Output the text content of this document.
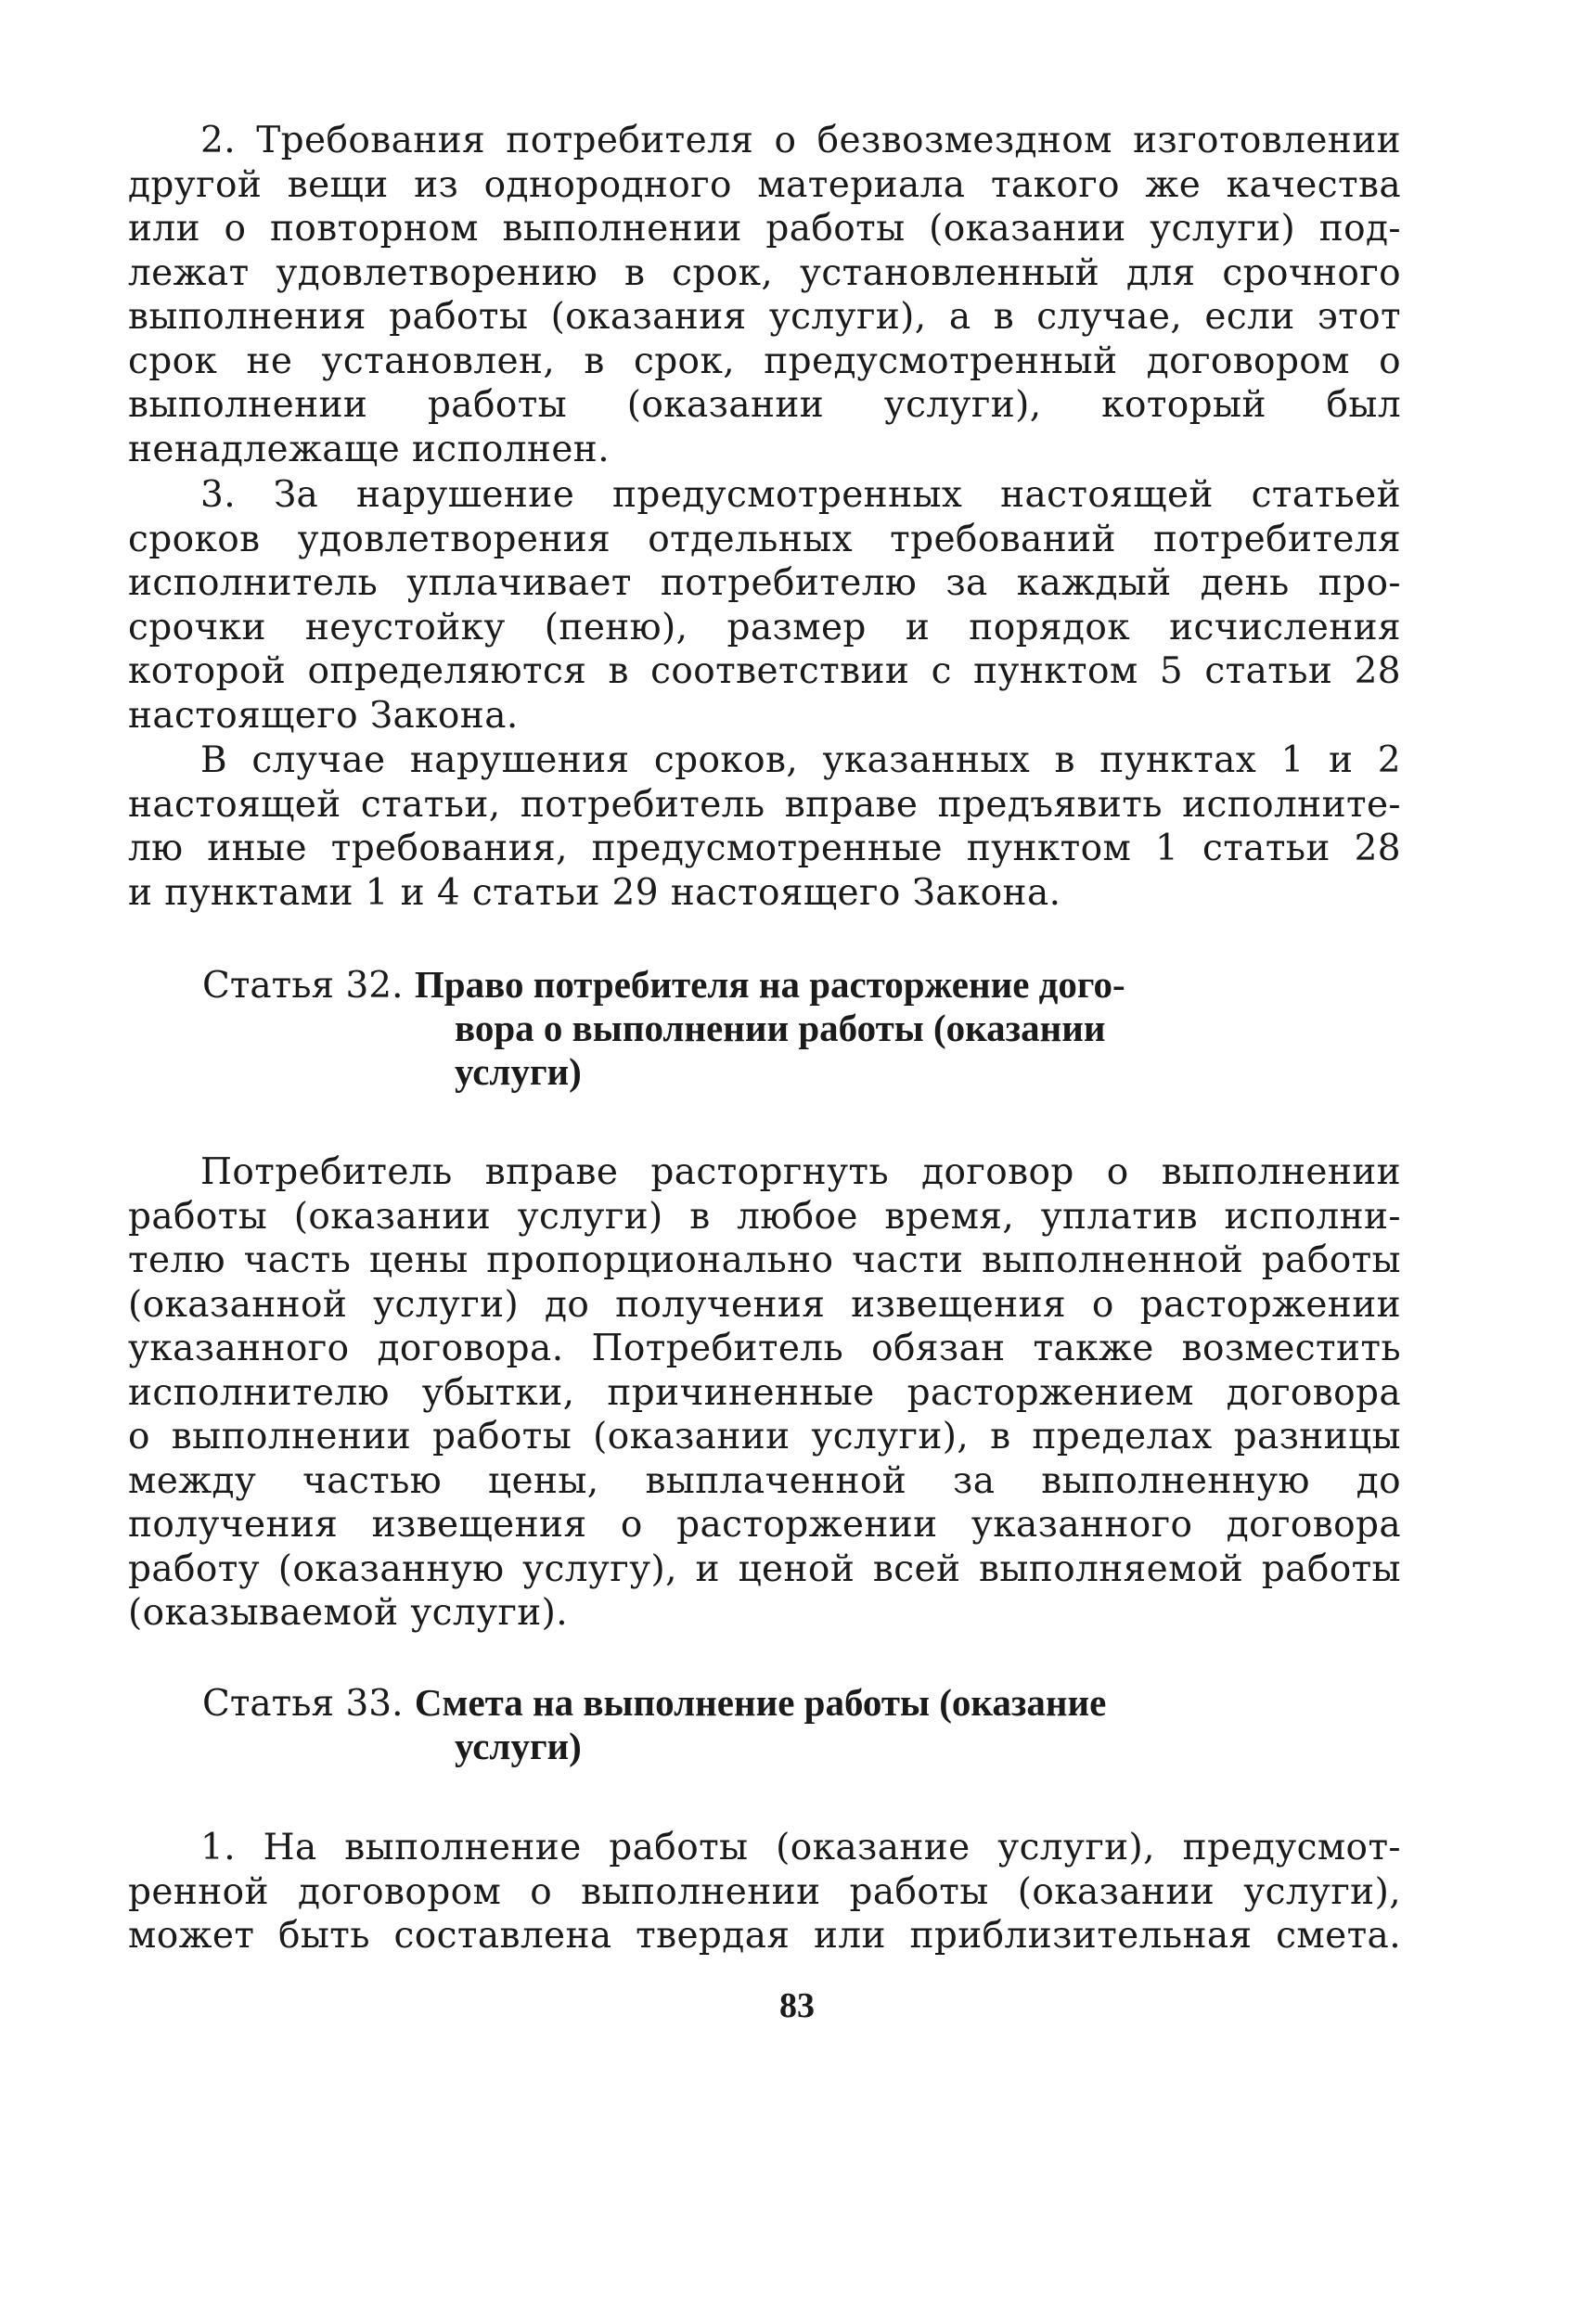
2. Требования потребителя о безвозмездном изготовлении
другой вещи из однородного материала такого же качества
или о повторном выполнении работы (оказании услуги) под-
лежат удовлетворению в срок, установленный для срочного
выполнения работы (оказания услуги), а в случае, если этот
срок не установлен, в срок, предусмотренный договором о
выполнении работы (оказании услуги), который был
ненадлежаще исполнен.
3. За нарушение предусмотренных настоящей статьей
сроков удовлетворения отдельных требований потребителя
исполнитель уплачивает потребителю за каждый день про-
срочки неустойку (пеню), размер и порядок исчисления
которой определяются в соответствии с пунктом 5 статьи 28
настоящего Закона.
В случае нарушения сроков, указанных в пунктах 1 и 2
настоящей статьи, потребитель вправе предъявить исполните-
лю иные требования, предусмотренные пунктом 1 статьи 28
и пунктами 1 и 4 статьи 29 настоящего Закона.
Статья 32. Право потребителя на расторжение дого-
вора о выполнении работы (оказании
услуги)
Потребитель вправе расторгнуть договор о выполнении
работы (оказании услуги) в любое время, уплатив исполни-
телю часть цены пропорционально части выполненной работы
(оказанной услуги) до получения извещения о расторжении
указанного договора. Потребитель обязан также возместить
исполнителю убытки, причиненные расторжением договора
о выполнении работы (оказании услуги), в пределах разницы
между частью цены, выплаченной за выполненную до
получения извещения о расторжении указанного договора
работу (оказанную услугу), и ценой всей выполняемой работы
(оказываемой услуги).
Статья 33. Смета на выполнение работы (оказание
услуги)
1. На выполнение работы (оказание услуги), предусмот-
ренной договором о выполнении работы (оказании услуги),
может быть составлена твердая или приблизительная смета.
83
